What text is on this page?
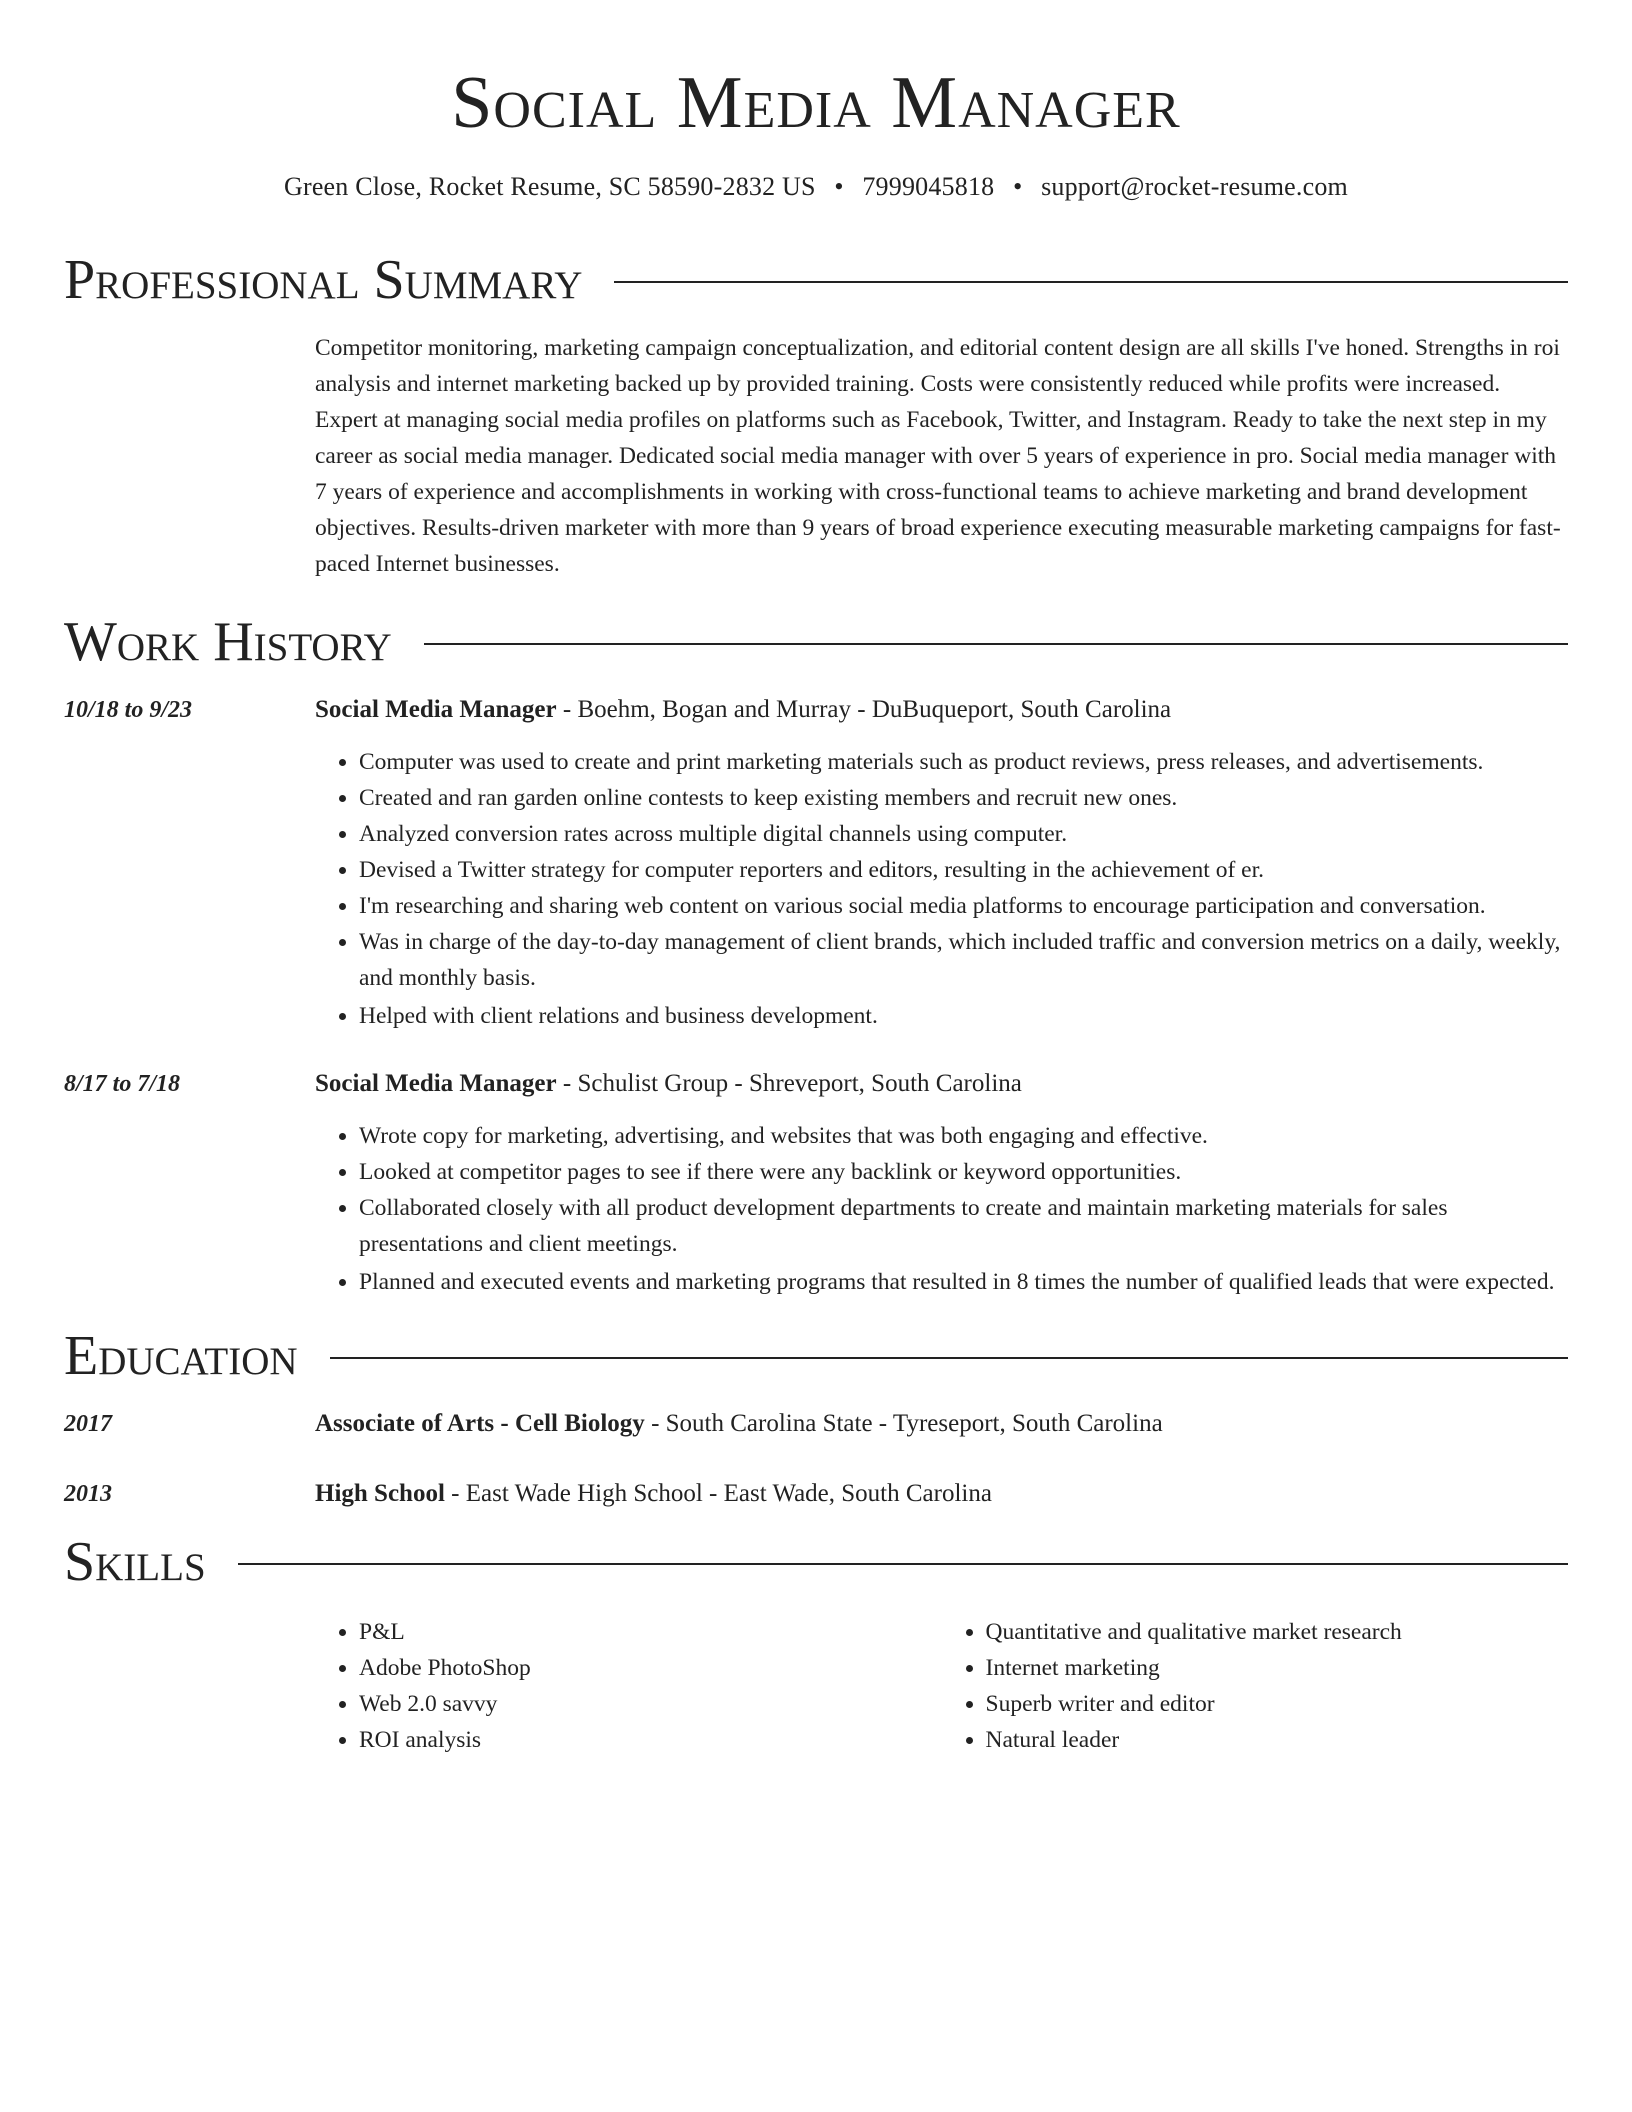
Social Media Manager
Green Close, Rocket Resume, SC 58590-2832 US • 7999045818 • support@rocket-resume.com
Professional Summary
Competitor monitoring, marketing campaign conceptualization, and editorial content design are all skills I've honed. Strengths in roi analysis and internet marketing backed up by provided training. Costs were consistently reduced while profits were increased. Expert at managing social media profiles on platforms such as Facebook, Twitter, and Instagram. Ready to take the next step in my career as social media manager. Dedicated social media manager with over 5 years of experience in pro. Social media manager with 7 years of experience and accomplishments in working with cross-functional teams to achieve marketing and brand development objectives. Results-driven marketer with more than 9 years of broad experience executing measurable marketing campaigns for fast-paced Internet businesses.
Work History
10/18 to 9/23	Social Media Manager - Boehm, Bogan and Murray - DuBuqueport, South Carolina
• Computer was used to create and print marketing materials such as product reviews, press releases, and advertisements.
• Created and ran garden online contests to keep existing members and recruit new ones.
• Analyzed conversion rates across multiple digital channels using computer.
• Devised a Twitter strategy for computer reporters and editors, resulting in the achievement of er.
• I'm researching and sharing web content on various social media platforms to encourage participation and conversation.
• Was in charge of the day-to-day management of client brands, which included traffic and conversion metrics on a daily, weekly, and monthly basis.
• Helped with client relations and business development.
8/17 to 7/18	Social Media Manager - Schulist Group - Shreveport, South Carolina
• Wrote copy for marketing, advertising, and websites that was both engaging and effective.
• Looked at competitor pages to see if there were any backlink or keyword opportunities.
• Collaborated closely with all product development departments to create and maintain marketing materials for sales presentations and client meetings.
• Planned and executed events and marketing programs that resulted in 8 times the number of qualified leads that were expected.
Education
2017	Associate of Arts - Cell Biology - South Carolina State - Tyreseport, South Carolina
2013	High School - East Wade High School - East Wade, South Carolina
Skills
• P&L
• Adobe PhotoShop
• Web 2.0 savvy
• ROI analysis
• Quantitative and qualitative market research
• Internet marketing
• Superb writer and editor
• Natural leader
